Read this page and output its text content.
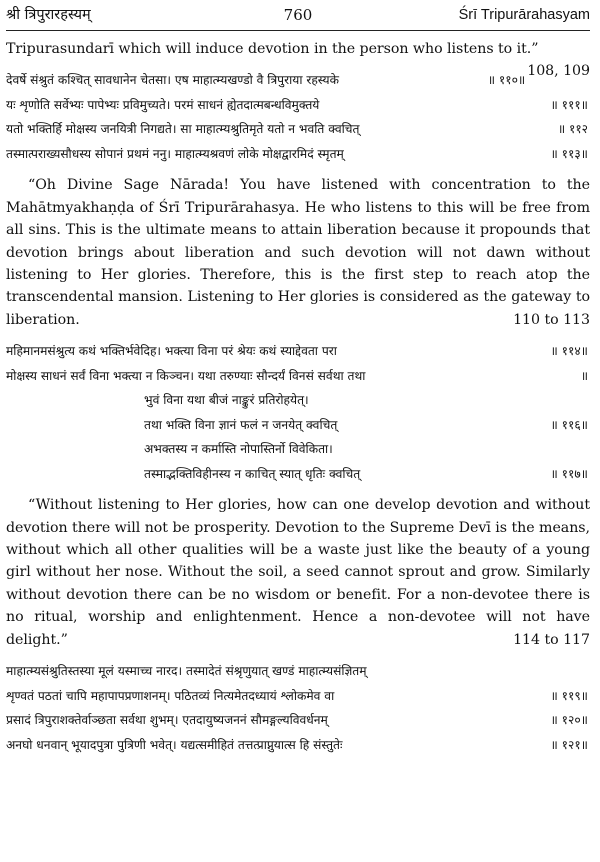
श्री त्रिपुरारहस्यम्	760	Śrī Tripurārahasyam

Tripurasundarī which will induce devotion in the person who listens to it.”
108, 109

देवर्षे संश्रुतं कश्चित् सावधानेन चेतसा। एष माहात्म्यखण्डो वै त्रिपुराया रहस्यके	॥ ११०॥
यः शृणोति सर्वेभ्यः पापेभ्यः प्रविमुच्यते। परमं साधनं ह्येतदात्मबन्धविमुक्तये	॥ १११॥
यतो भक्तिर्हि मोक्षस्य जनयित्री निगद्यते। सा माहात्म्यश्रुतिमृते यतो न भवति क्वचित्	॥ ११२
तस्मात्पराख्यसौधस्य सोपानं प्रथमं ननु। माहात्म्यश्रवणं लोके मोक्षद्वारमिदं स्मृतम्	॥ ११३॥

“Oh Divine Sage Nārada! You have listened with concentration to the Mahātmyakhaṇḍa of Śrī Tripurārahasya. He who listens to this will be free from all sins. This is the ultimate means to attain liberation because it propounds that devotion brings about liberation and such devotion will not dawn without listening to Her glories. Therefore, this is the first step to reach atop the transcendental mansion. Listening to Her glories is considered as the gateway to liberation.	110 to 113

महिमानमसंश्रुत्य कथं भक्तिर्भवेदिह। भक्त्या विना परं श्रेयः कथं स्याद्देवता परा	॥ ११४॥
मोक्षस्य साधनं सर्वं विना भक्त्या न किञ्चन। यथा तरुण्याः सौन्दर्यं विनसं सर्वथा तथा	॥
भुवं विना यथा बीजं नाङ्कुरं प्रतिरोहयेत्।
तथा भक्ति विना ज्ञानं फलं न जनयेत् क्वचित्	॥ ११६॥
अभक्तस्य न कर्मास्ति नोपास्तिर्नो विवेकिता।
तस्माद्भक्तिविहीनस्य न काचित् स्यात् धृतिः क्वचित्	॥ ११७॥

“Without listening to Her glories, how can one develop devotion and without devotion there will not be prosperity. Devotion to the Supreme Devī is the means, without which all other qualities will be a waste just like the beauty of a young girl without her nose. Without the soil, a seed cannot sprout and grow. Similarly without devotion there can be no wisdom or benefit. For a non-devotee there is no ritual, worship and enlightenment. Hence a non-devotee will not have delight.”	114 to 117

माहात्म्यसंश्रुतिस्तस्या मूलं यस्माच्च नारद। तस्मादेतं संश्रृणुयात् खण्डं माहात्म्यसंज्ञितम्
शृण्वतं पठतां चापि महापापप्रणाशनम्। पठितव्यं नित्यमेतदध्यायं श्लोकमेव वा	॥ ११९॥
प्रसादं त्रिपुराशक्तेर्वाञ्छता सर्वथा शुभम्। एतदायुष्यजननं सौमङ्गल्यविवर्धनम्	॥ १२०॥
अनघो धनवान् भूयादपुत्रा पुत्रिणी भवेत्। यद्यत्समीहितं तत्तत्प्राप्नुयात्स हि संस्तुतेः	॥ १२१॥
